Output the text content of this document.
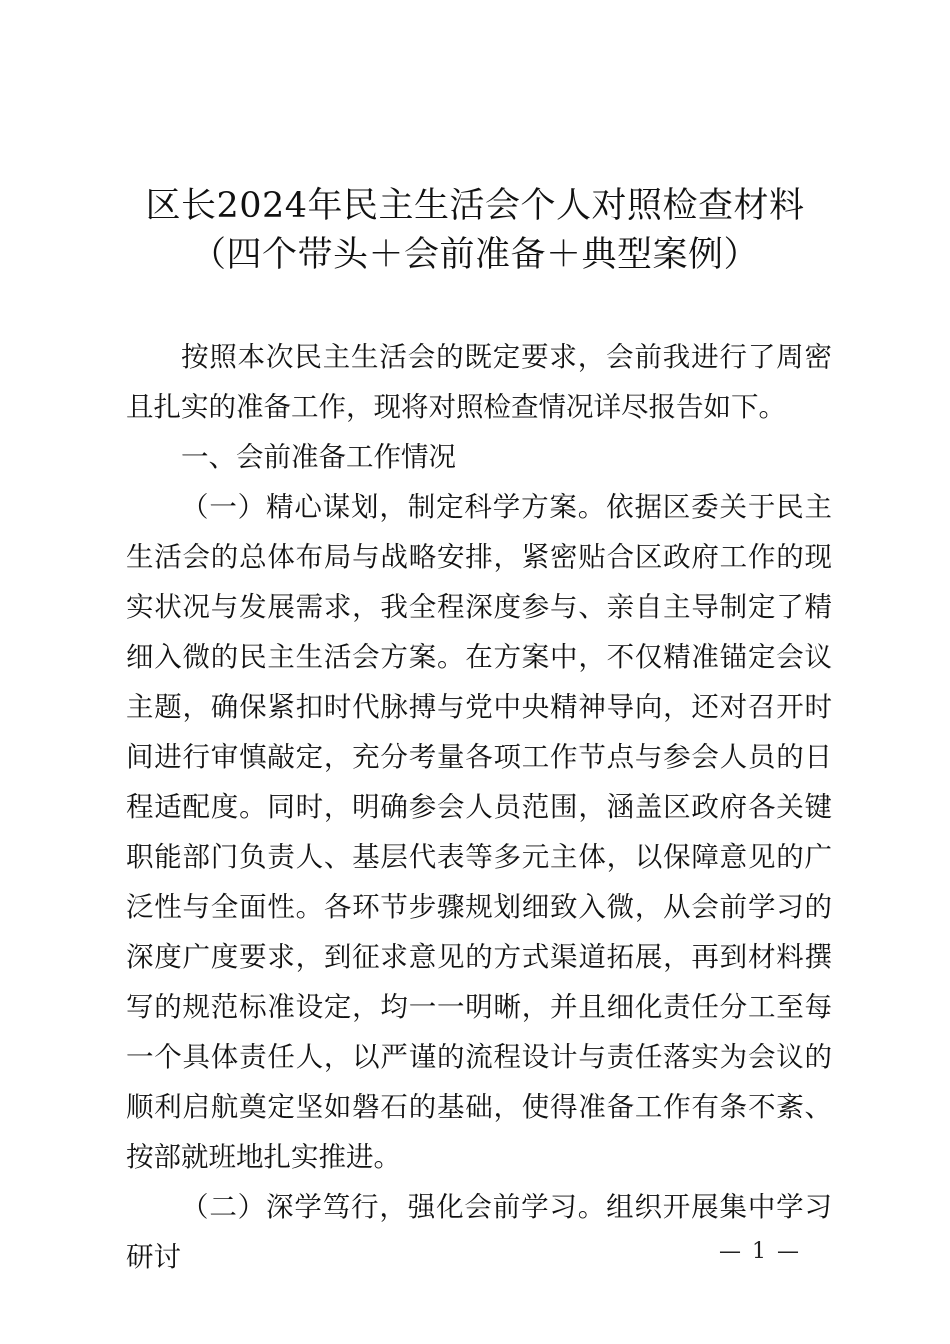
区长2024年民主生活会个人对照检查材料
（四个带头＋会前准备＋典型案例）

按照本次民主生活会的既定要求，会前我进行了周密且扎实的准备工作，现将对照检查情况详尽报告如下。

一、会前准备工作情况

（一）精心谋划，制定科学方案。依据区委关于民主生活会的总体布局与战略安排，紧密贴合区政府工作的现实状况与发展需求，我全程深度参与、亲自主导制定了精细入微的民主生活会方案。在方案中，不仅精准锚定会议主题，确保紧扣时代脉搏与党中央精神导向，还对召开时间进行审慎敲定，充分考量各项工作节点与参会人员的日程适配度。同时，明确参会人员范围，涵盖区政府各关键职能部门负责人、基层代表等多元主体，以保障意见的广泛性与全面性。各环节步骤规划细致入微，从会前学习的深度广度要求，到征求意见的方式渠道拓展，再到材料撰写的规范标准设定，均一一明晰，并且细化责任分工至每一个具体责任人，以严谨的流程设计与责任落实为会议的顺利启航奠定坚如磐石的基础，使得准备工作有条不紊、按部就班地扎实推进。

（二）深学笃行，强化会前学习。组织开展集中学习研讨	— 1 —
